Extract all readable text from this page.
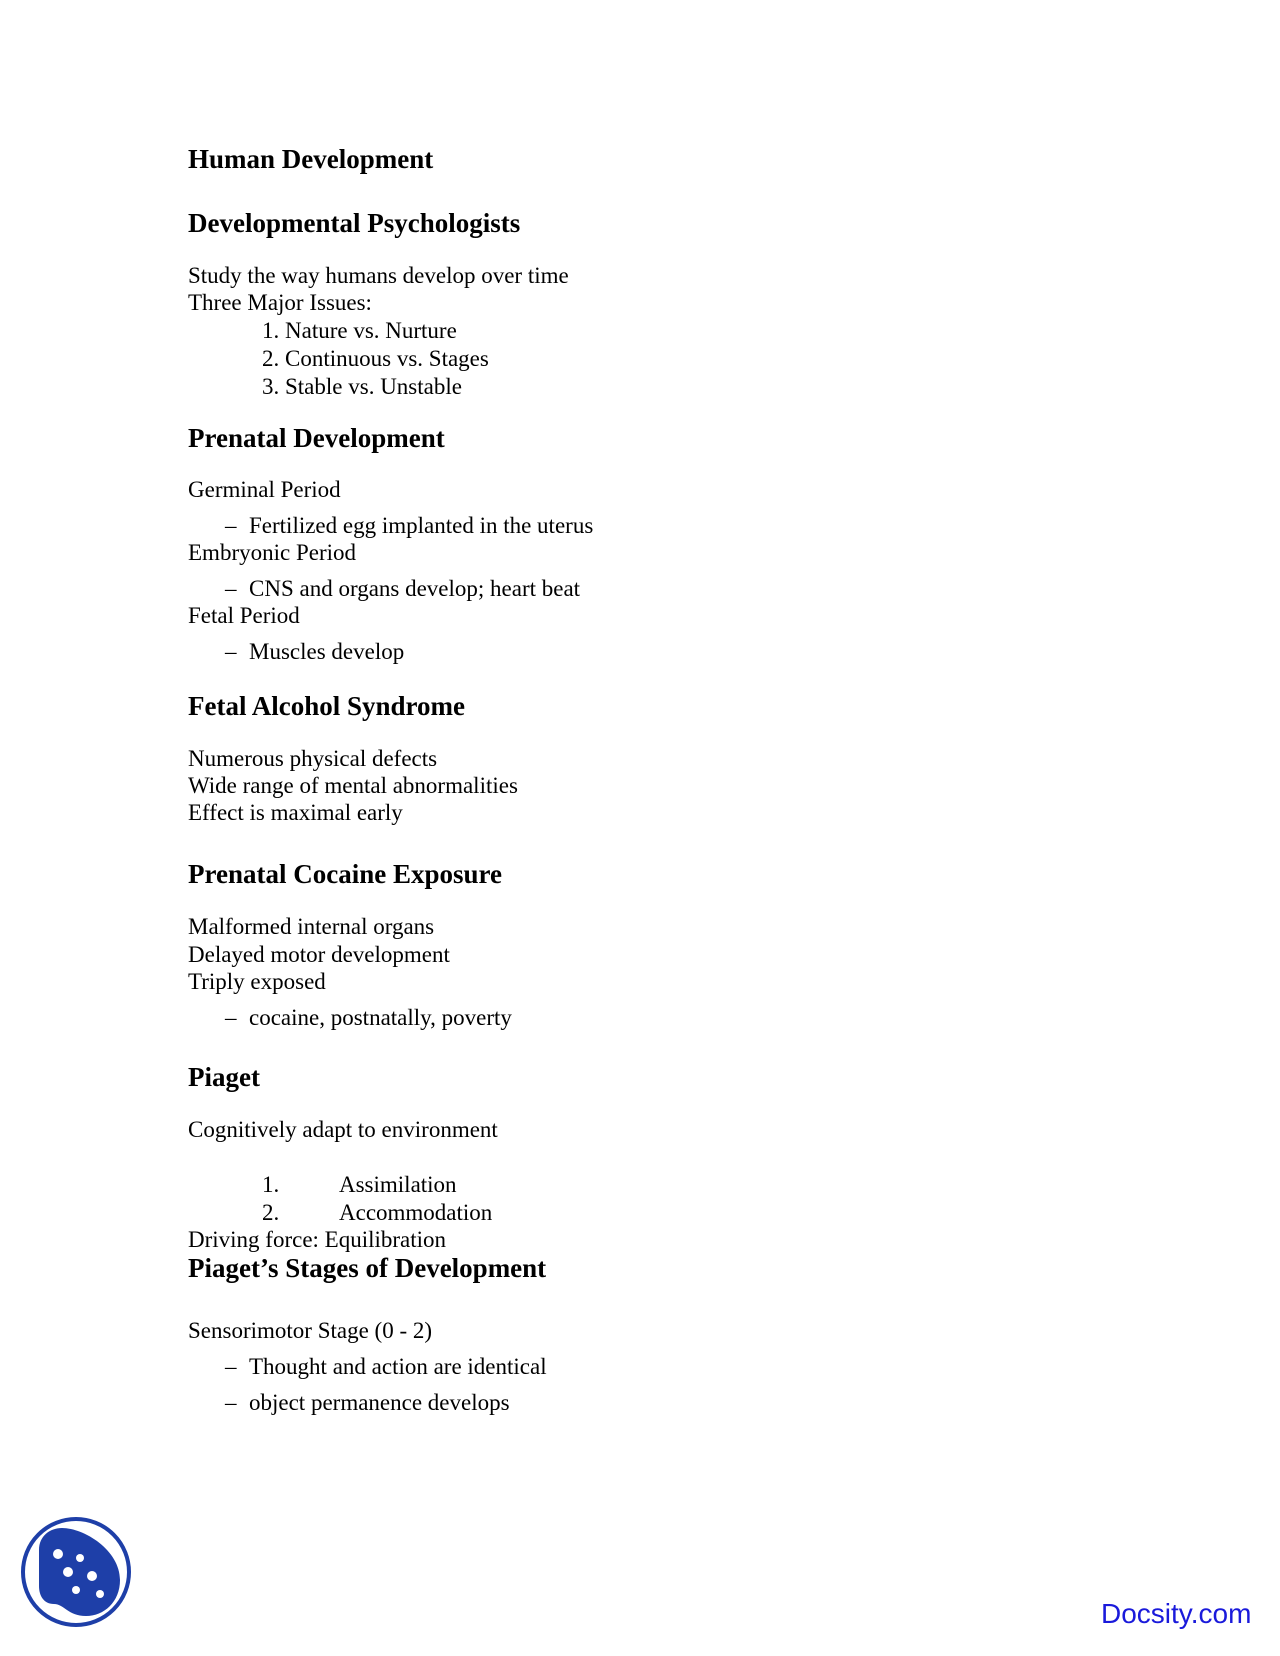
Human Development
Developmental Psychologists

Study the way humans develop over time

Three Major Issues:

1. Nature vs. Nurture
2. Continuous vs. Stages
3. Stable vs. Unstable
Prenatal Development

Germinal Period

– Fertilized egg implanted in the uterus

Embryonic Period

– CNS and organs develop; heart beat

Fetal Period

– Muscles develop
Fetal Alcohol Syndrome

Numerous physical defects

Wide range of mental abnormalities

Effect is maximal early

Prenatal Cocaine Exposure

Malformed internal organs

Delayed motor development

Triply exposed

– cocaine, postnatally, poverty
Piaget

Cognitively adapt to environment

1.	Assimilation
2.	Accommodation

Driving force: Equilibration

Piaget’s Stages of Development

Sensorimotor Stage (0 - 2)

– Thought and action are identical
– object permanence develops
Docsity.com
